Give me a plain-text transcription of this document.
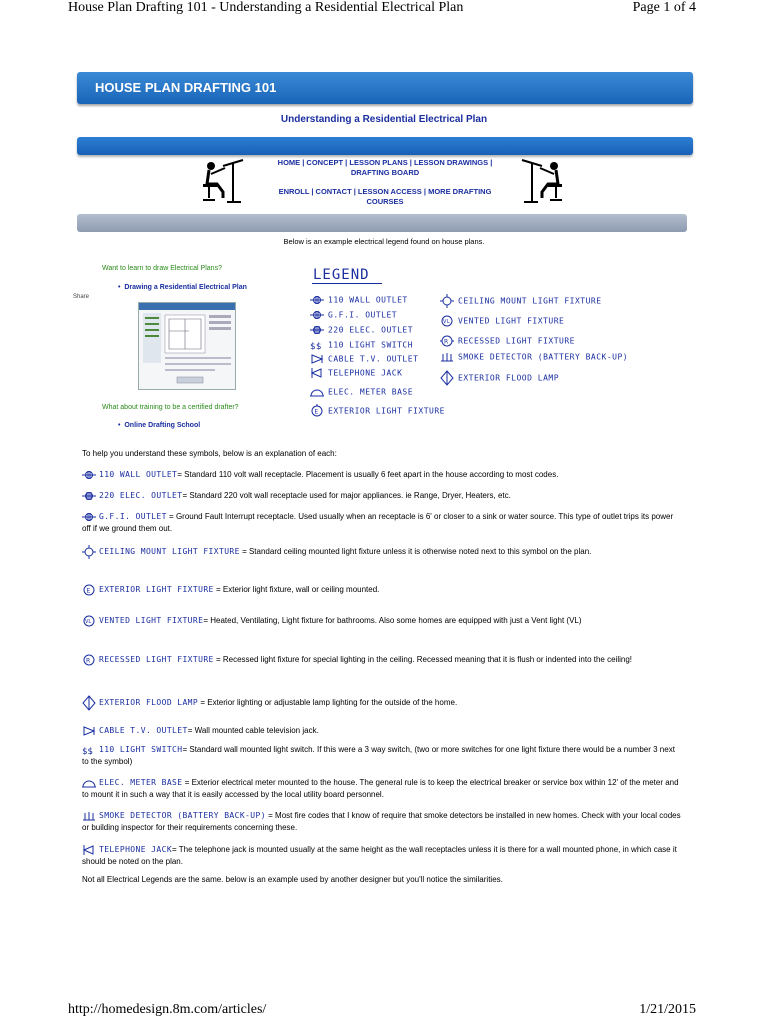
House Plan Drafting 101 - Understanding a Residential Electrical Plan	Page 1 of 4
http://homedesign.8m.com/articles/	1/21/2015
HOUSE PLAN DRAFTING 101
Understanding a Residential Electrical Plan
HOME | CONCEPT | LESSON PLANS | LESSON DRAWINGS |
DRAFTING BOARD
ENROLL | CONTACT | LESSON ACCESS | MORE DRAFTING
COURSES
Below is an example electrical legend found on house plans.
Want to learn to draw Electrical Plans?
•  Drawing a Residential Electrical Plan
Share
What about training to be a certified drafter?
•  Online Drafting School
LEGEND
110 WALL OUTLET
G.F.I. OUTLET
220 ELEC. OUTLET
$$ 110 LIGHT SWITCH
CABLE T.V. OUTLET
TELEPHONE JACK
ELEC. METER BASE
E EXTERIOR LIGHT FIXTURE
CEILING MOUNT LIGHT FIXTURE
VL VENTED LIGHT FIXTURE
R RECESSED LIGHT FIXTURE
SMOKE DETECTOR (BATTERY BACK-UP)
EXTERIOR FLOOD LAMP
To help you understand these symbols, below is an explanation of each:
110 WALL OUTLET= Standard 110 volt wall receptacle. Placement is usually 6 feet apart in the house according to most codes.
220 ELEC. OUTLET= Standard 220 volt wall receptacle used for major appliances. ie Range, Dryer, Heaters, etc.
G.F.I. OUTLET = Ground Fault Interrupt receptacle. Used usually when an receptacle is 6' or closer to a sink or water source. This type of outlet trips its power off if we ground them out.
CEILING MOUNT LIGHT FIXTURE = Standard ceiling mounted light fixture unless it is otherwise noted next to this symbol on the plan.
E EXTERIOR LIGHT FIXTURE = Exterior light fixture, wall or ceiling mounted.
VL VENTED LIGHT FIXTURE= Heated, Ventilating, Light fixture for bathrooms. Also some homes are equipped with just a Vent light (VL)
R RECESSED LIGHT FIXTURE = Recessed light fixture for special lighting in the ceiling. Recessed meaning that it is flush or indented into the ceiling!
EXTERIOR FLOOD LAMP = Exterior lighting or adjustable lamp lighting for the outside of the home.
CABLE T.V. OUTLET= Wall mounted cable television jack.
$$ 110 LIGHT SWITCH= Standard wall mounted light switch. If this were a 3 way switch, (two or more switches for one light fixture there would be a number 3 next to the symbol)
ELEC. METER BASE = Exterior electrical meter mounted to the house. The general rule is to keep the electrical breaker or service box within 12' of the meter and to mount it in such a way that it is easily accessed by the local utility board personnel.
SMOKE DETECTOR (BATTERY BACK-UP) = Most fire codes that I know of require that smoke detectors be installed in new homes. Check with your local codes or building inspector for their requirements concerning these.
TELEPHONE JACK= The telephone jack is mounted usually at the same height as the wall receptacles unless it is there for a wall mounted phone, in which case it should be noted on the plan.
Not all Electrical Legends are the same. below is an example used by another designer but you'll notice the similarities.
